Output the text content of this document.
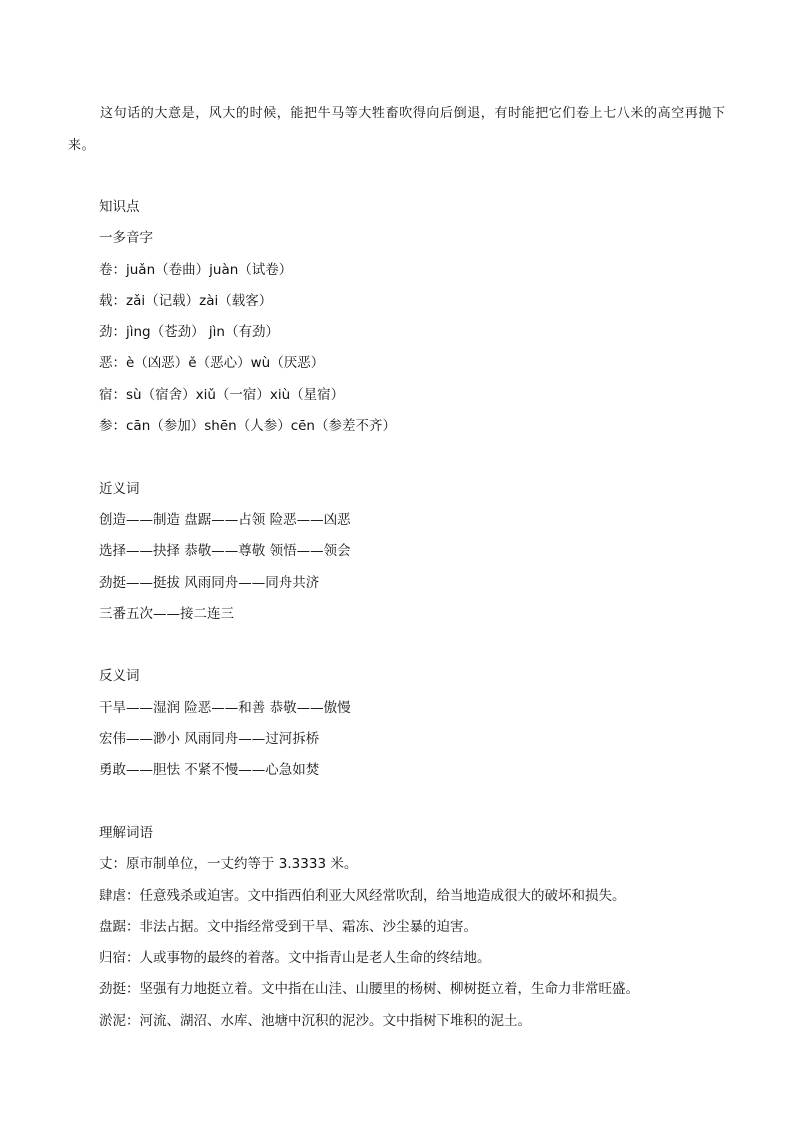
这句话的大意是，风大的时候，能把牛马等大牲畜吹得向后倒退，有时能把它们卷上七八米的高空再抛下来。

知识点
一多音字
卷：juǎn（卷曲）juàn（试卷）
载：zǎi（记载）zài（载客）
劲：jìng（苍劲） jìn（有劲）
恶：è（凶恶）ě（恶心）wù（厌恶）
宿：sù（宿舍）xiǔ（一宿）xiù（星宿）
参：cān（参加）shēn（人参）cēn（参差不齐）
近义词
创造——制造 盘踞——占领 险恶——凶恶
选择——抉择 恭敬——尊敬 领悟——领会
劲挺——挺拔 风雨同舟——同舟共济
三番五次——接二连三
反义词
干旱——湿润 险恶——和善 恭敬——傲慢
宏伟——渺小 风雨同舟——过河拆桥
勇敢——胆怯 不紧不慢——心急如焚
理解词语
丈：原市制单位，一丈约等于 3.3333 米。
肆虐：任意残杀或迫害。文中指西伯利亚大风经常吹刮，给当地造成很大的破坏和损失。
盘踞：非法占据。文中指经常受到干旱、霜冻、沙尘暴的迫害。
归宿：人或事物的最终的着落。文中指青山是老人生命的终结地。
劲挺：坚强有力地挺立着。文中指在山洼、山腰里的杨树、柳树挺立着，生命力非常旺盛。
淤泥：河流、湖沼、水库、池塘中沉积的泥沙。文中指树下堆积的泥土。
